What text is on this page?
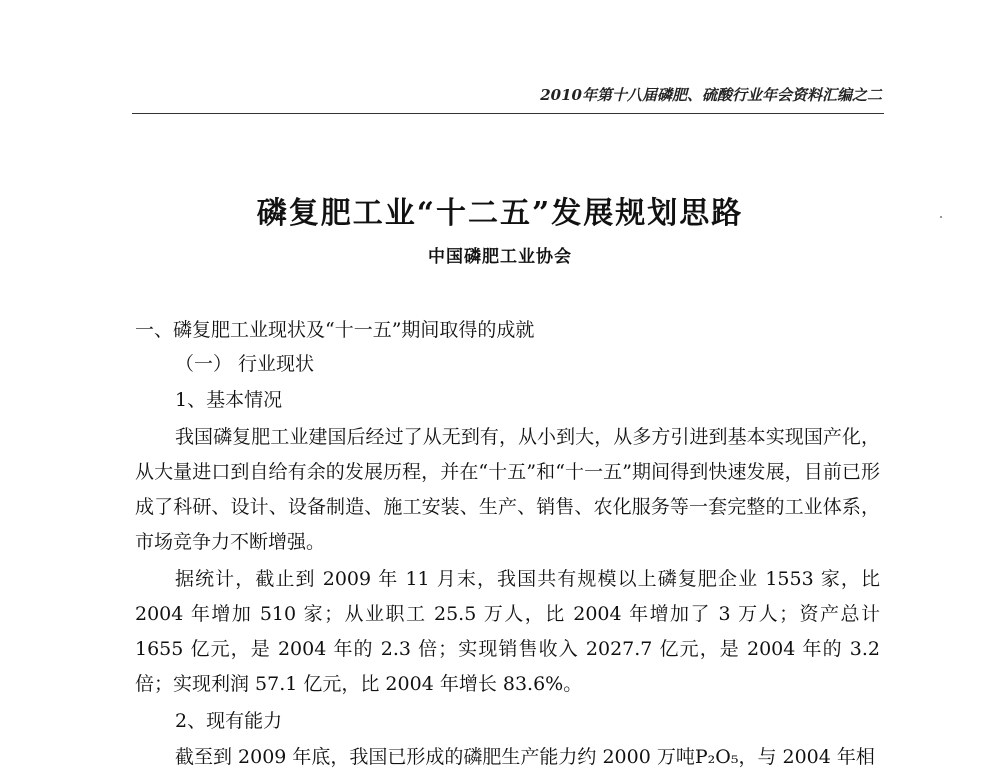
2010年第十八届磷肥、硫酸行业年会资料汇编之二
磷复肥工业“十二五”发展规划思路
中国磷肥工业协会
一、磷复肥工业现状及“十一五”期间取得的成就
（一） 行业现状
1、基本情况

我国磷复肥工业建国后经过了从无到有，从小到大，从多方引进到基本实现国产化，从大量进口到自给有余的发展历程，并在“十五”和“十一五”期间得到快速发展，目前已形成了科研、设计、设备制造、施工安装、生产、销售、农化服务等一套完整的工业体系，市场竞争力不断增强。

据统计，截止到 2009 年 11 月末，我国共有规模以上磷复肥企业 1553 家，比 2004 年增加 510 家；从业职工 25.5 万人，比 2004 年增加了 3 万人；资产总计 1655 亿元，是 2004 年的 2.3 倍；实现销售收入 2027.7 亿元，是 2004 年的 3.2 倍；实现利润 57.1 亿元，比 2004 年增长 83.6%。

2、现有能力

截至到 2009 年底，我国已形成的磷肥生产能力约 2000 万吨P₂O₅，与 2004 年相
